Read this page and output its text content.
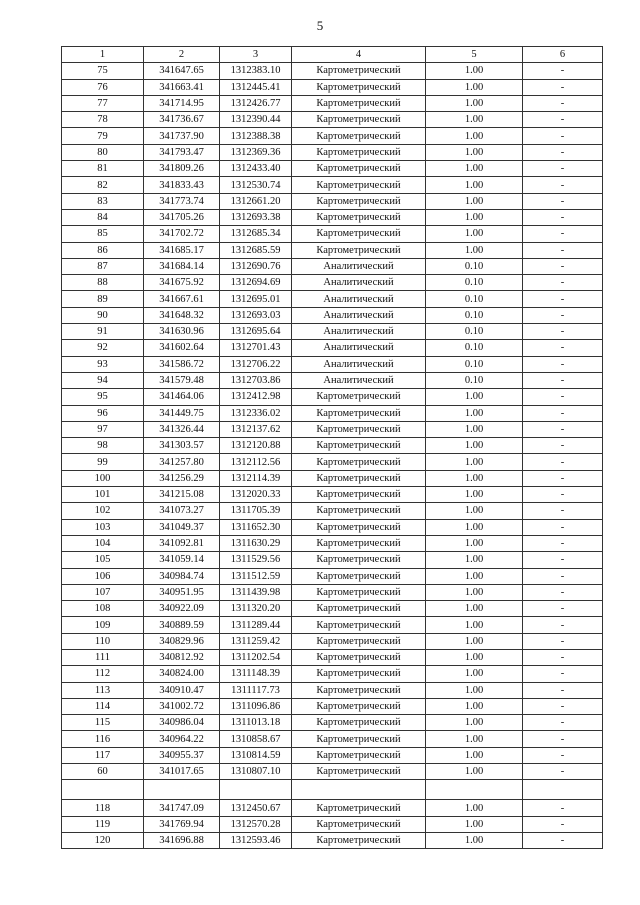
5
1	2	3	4	5	6
75	341647.65	1312383.10	Картометрический	1.00	-
76	341663.41	1312445.41	Картометрический	1.00	-
77	341714.95	1312426.77	Картометрический	1.00	-
78	341736.67	1312390.44	Картометрический	1.00	-
79	341737.90	1312388.38	Картометрический	1.00	-
80	341793.47	1312369.36	Картометрический	1.00	-
81	341809.26	1312433.40	Картометрический	1.00	-
82	341833.43	1312530.74	Картометрический	1.00	-
83	341773.74	1312661.20	Картометрический	1.00	-
84	341705.26	1312693.38	Картометрический	1.00	-
85	341702.72	1312685.34	Картометрический	1.00	-
86	341685.17	1312685.59	Картометрический	1.00	-
87	341684.14	1312690.76	Аналитический	0.10	-
88	341675.92	1312694.69	Аналитический	0.10	-
89	341667.61	1312695.01	Аналитический	0.10	-
90	341648.32	1312693.03	Аналитический	0.10	-
91	341630.96	1312695.64	Аналитический	0.10	-
92	341602.64	1312701.43	Аналитический	0.10	-
93	341586.72	1312706.22	Аналитический	0.10	-
94	341579.48	1312703.86	Аналитический	0.10	-
95	341464.06	1312412.98	Картометрический	1.00	-
96	341449.75	1312336.02	Картометрический	1.00	-
97	341326.44	1312137.62	Картометрический	1.00	-
98	341303.57	1312120.88	Картометрический	1.00	-
99	341257.80	1312112.56	Картометрический	1.00	-
100	341256.29	1312114.39	Картометрический	1.00	-
101	341215.08	1312020.33	Картометрический	1.00	-
102	341073.27	1311705.39	Картометрический	1.00	-
103	341049.37	1311652.30	Картометрический	1.00	-
104	341092.81	1311630.29	Картометрический	1.00	-
105	341059.14	1311529.56	Картометрический	1.00	-
106	340984.74	1311512.59	Картометрический	1.00	-
107	340951.95	1311439.98	Картометрический	1.00	-
108	340922.09	1311320.20	Картометрический	1.00	-
109	340889.59	1311289.44	Картометрический	1.00	-
110	340829.96	1311259.42	Картометрический	1.00	-
111	340812.92	1311202.54	Картометрический	1.00	-
112	340824.00	1311148.39	Картометрический	1.00	-
113	340910.47	1311117.73	Картометрический	1.00	-
114	341002.72	1311096.86	Картометрический	1.00	-
115	340986.04	1311013.18	Картометрический	1.00	-
116	340964.22	1310858.67	Картометрический	1.00	-
117	340955.37	1310814.59	Картометрический	1.00	-
60	341017.65	1310807.10	Картометрический	1.00	-

118	341747.09	1312450.67	Картометрический	1.00	-
119	341769.94	1312570.28	Картометрический	1.00	-
120	341696.88	1312593.46	Картометрический	1.00	-
